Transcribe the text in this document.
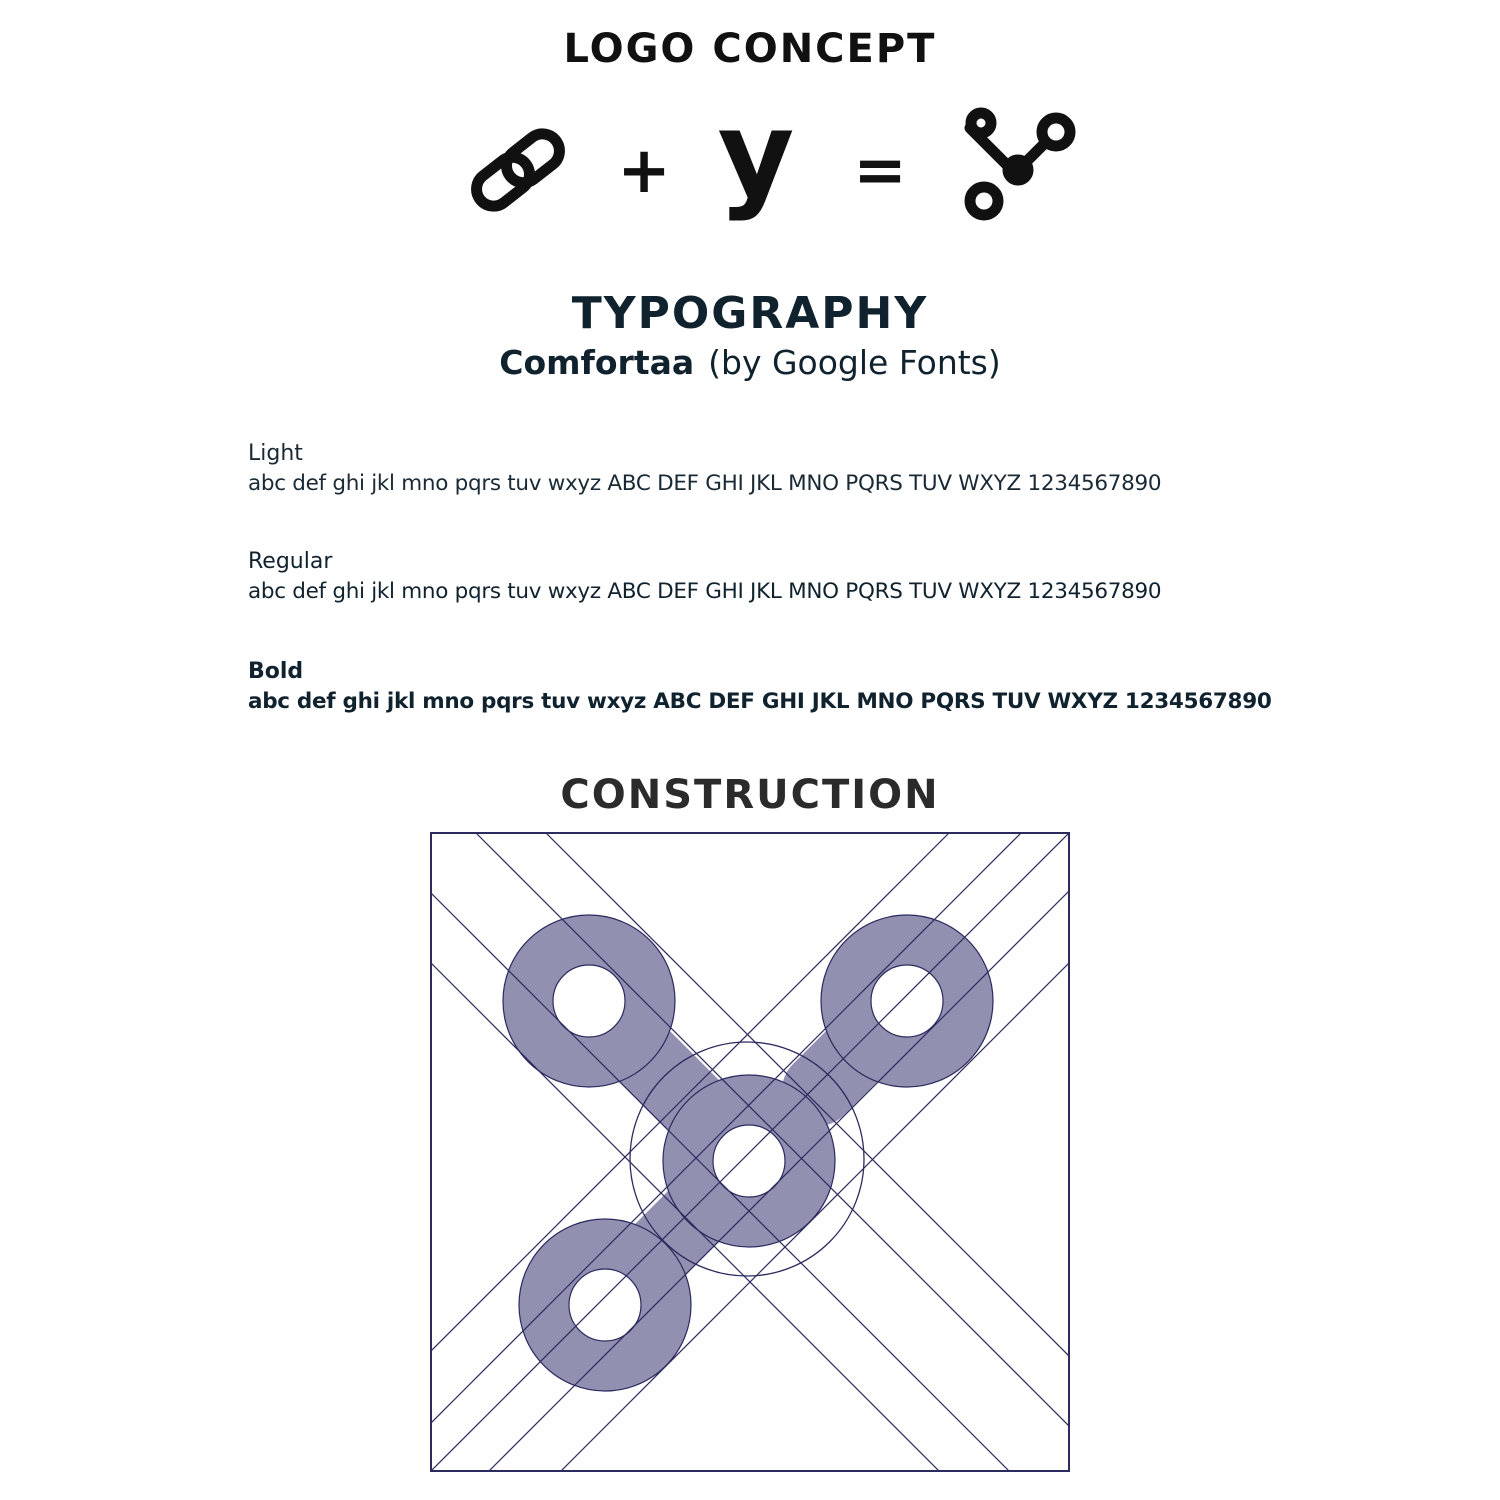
LOGO CONCEPT
+ y =
TYPOGRAPHY
Comfortaa (by Google Fonts)
Light
abc def ghi jkl mno pqrs tuv wxyz ABC DEF GHI JKL MNO PQRS TUV WXYZ 1234567890
Regular
abc def ghi jkl mno pqrs tuv wxyz ABC DEF GHI JKL MNO PQRS TUV WXYZ 1234567890
Bold
abc def ghi jkl mno pqrs tuv wxyz ABC DEF GHI JKL MNO PQRS TUV WXYZ 1234567890
CONSTRUCTION
